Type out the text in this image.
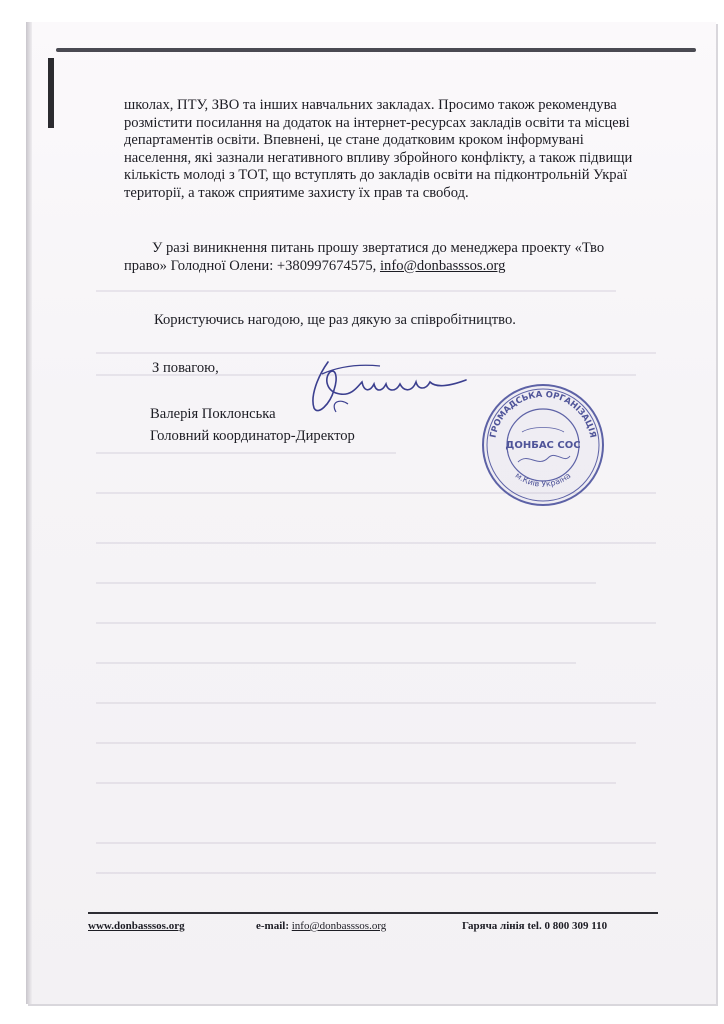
школах, ПТУ, ЗВО та інших навчальних закладах. Просимо також рекомендува
розмістити посилання на додаток на інтернет-ресурсах закладів освіти та місцеві
департаментів освіти. Впевнені, це стане додатковим кроком інформувані
населення, які зазнали негативного впливу збройного конфлікту, а також підвищи
кількість молоді з ТОТ, що вступлять до закладів освіти на підконтрольній Украї
території, а також сприятиме захисту їх прав та свобод.
У разі виникнення питань прошу звертатися до менеджера проекту «Тво
право» Голодної Олени: +380997674575, info@donbasssos.org
Користуючись нагодою, ще раз дякую за співробітництво.
З повагою,
Валерія Поклонська
Головний координатор-Директор	ГРОМАДСЬКА ОРГАНІЗАЦІЯ
ДОНБАС СОС
м.Київ Україна
www.donbasssos.org	e-mail: info@donbasssos.org	Гаряча лінія tel. 0 800 309 110
